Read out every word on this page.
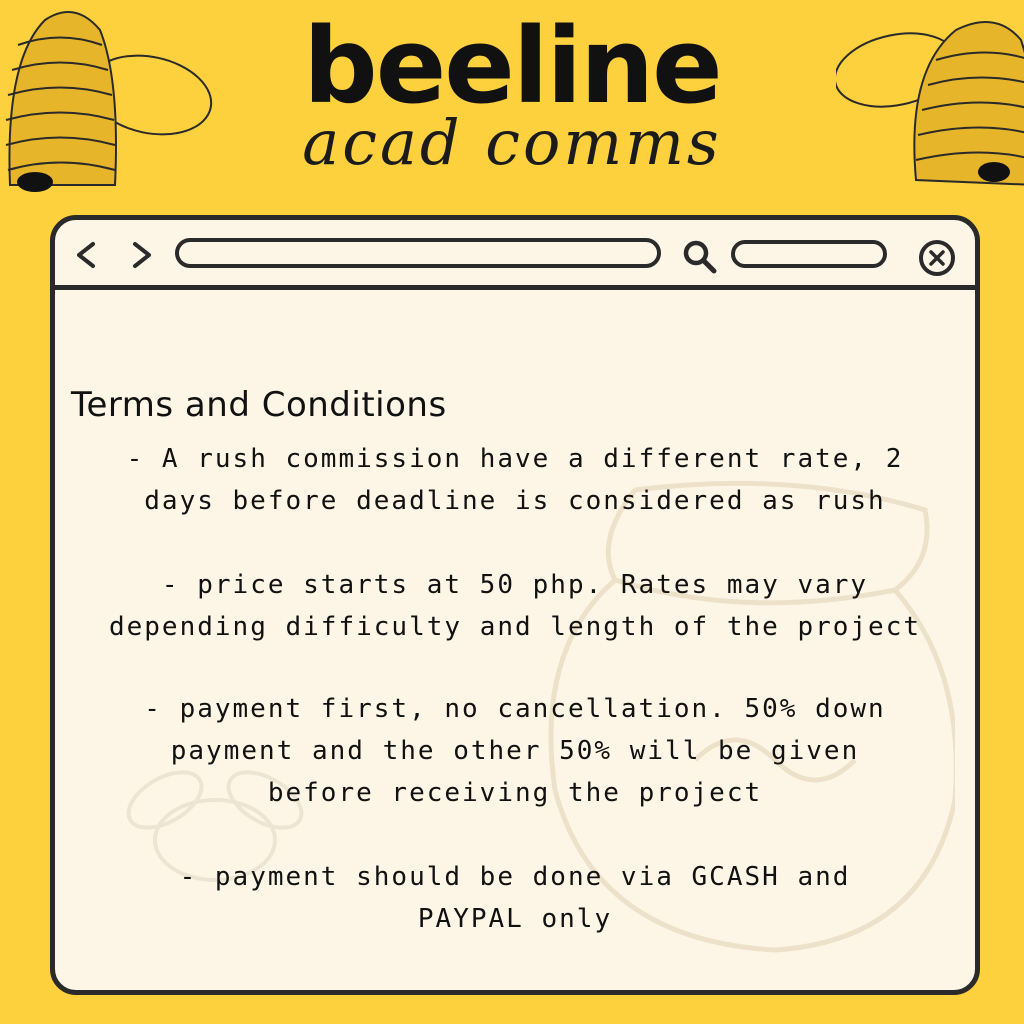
beeline
acad comms
Terms and Conditions
- A rush commission have a different rate, 2
days before deadline is considered as rush
- price starts at 50 php. Rates may vary
depending difficulty and length of the project
- payment first, no cancellation. 50% down
payment and the other 50% will be given
before receiving the project
- payment should be done via GCASH and
PAYPAL only
